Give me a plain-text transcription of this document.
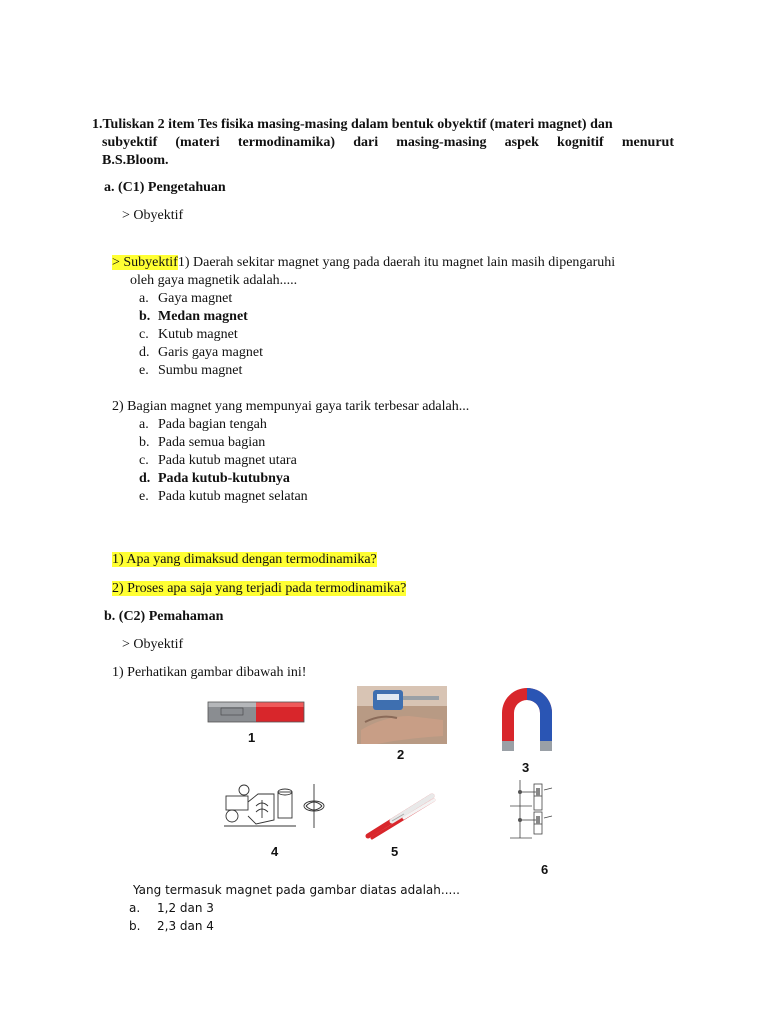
1.Tuliskan 2 item Tes fisika masing-masing dalam bentuk obyektif (materi magnet) dan
subyektif (materi termodinamika) dari masing-masing aspek kognitif menurut
B.S.Bloom.
a. (C1) Pengetahuan
> Obyektif
> Subyektif1) Daerah sekitar magnet yang pada daerah itu magnet lain masih dipengaruhi
oleh gaya magnetik adalah.....
a. Gaya magnet
b. Medan magnet
c. Kutub magnet
d. Garis gaya magnet
e. Sumbu magnet
2) Bagian magnet yang mempunyai gaya tarik terbesar adalah...
a. Pada bagian tengah
b. Pada semua bagian
c. Pada kutub magnet utara
d. Pada kutub-kutubnya
e. Pada kutub magnet selatan
1) Apa yang dimaksud dengan termodinamika?
2) Proses apa saja yang terjadi pada termodinamika?
b. (C2) Pemahaman
> Obyektif
1) Perhatikan gambar dibawah ini!
1
2
3
4	5
6
Yang termasuk magnet pada gambar diatas adalah.....
a. 1,2 dan 3
b. 2,3 dan 4
